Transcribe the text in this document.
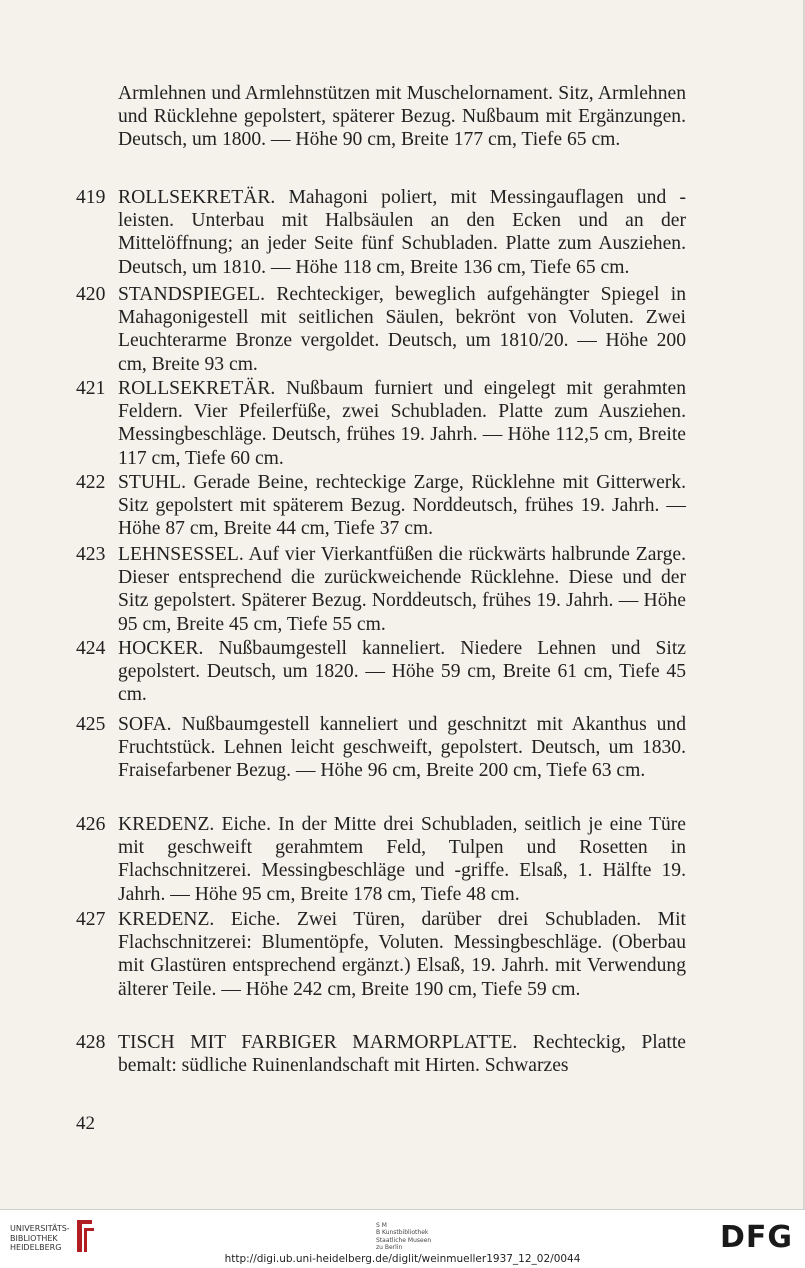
Armlehnen und Armlehnstützen mit Muschelornament. Sitz, Armlehnen und Rücklehne gepolstert, späterer Bezug. Nußbaum mit Ergänzungen. Deutsch, um 1800. — Höhe 90 cm, Breite 177 cm, Tiefe 65 cm.
419 ROLLSEKRETÄR. Mahagoni poliert, mit Messingauflagen und -leisten. Unterbau mit Halbsäulen an den Ecken und an der Mittelöffnung; an jeder Seite fünf Schubladen. Platte zum Ausziehen. Deutsch, um 1810. — Höhe 118 cm, Breite 136 cm, Tiefe 65 cm.
420 STANDSPIEGEL. Rechteckiger, beweglich aufgehängter Spiegel in Mahagonigestell mit seitlichen Säulen, bekrönt von Voluten. Zwei Leuchterarme Bronze vergoldet. Deutsch, um 1810/20. — Höhe 200 cm, Breite 93 cm.
421 ROLLSEKRETÄR. Nußbaum furniert und eingelegt mit gerahmten Feldern. Vier Pfeilerfüße, zwei Schubladen. Platte zum Ausziehen. Messingbeschläge. Deutsch, frühes 19. Jahrh. — Höhe 112,5 cm, Breite 117 cm, Tiefe 60 cm.
422 STUHL. Gerade Beine, rechteckige Zarge, Rücklehne mit Gitterwerk. Sitz gepolstert mit späterem Bezug. Norddeutsch, frühes 19. Jahrh. — Höhe 87 cm, Breite 44 cm, Tiefe 37 cm.
423 LEHNSESSEL. Auf vier Vierkantfüßen die rückwärts halbrunde Zarge. Dieser entsprechend die zurückweichende Rücklehne. Diese und der Sitz gepolstert. Späterer Bezug. Norddeutsch, frühes 19. Jahrh. — Höhe 95 cm, Breite 45 cm, Tiefe 55 cm.
424 HOCKER. Nußbaumgestell kanneliert. Niedere Lehnen und Sitz gepolstert. Deutsch, um 1820. — Höhe 59 cm, Breite 61 cm, Tiefe 45 cm.
425 SOFA. Nußbaumgestell kanneliert und geschnitzt mit Akanthus und Fruchtstück. Lehnen leicht geschweift, gepolstert. Deutsch, um 1830. Fraisefarbener Bezug. — Höhe 96 cm, Breite 200 cm, Tiefe 63 cm.
426 KREDENZ. Eiche. In der Mitte drei Schubladen, seitlich je eine Türe mit geschweift gerahmtem Feld, Tulpen und Rosetten in Flachschnitzerei. Messingbeschläge und -griffe. Elsaß, 1. Hälfte 19. Jahrh. — Höhe 95 cm, Breite 178 cm, Tiefe 48 cm.
427 KREDENZ. Eiche. Zwei Türen, darüber drei Schubladen. Mit Flachschnitzerei: Blumentöpfe, Voluten. Messingbeschläge. (Oberbau mit Glastüren entsprechend ergänzt.) Elsaß, 19. Jahrh. mit Verwendung älterer Teile. — Höhe 242 cm, Breite 190 cm, Tiefe 59 cm.
428 TISCH MIT FARBIGER MARMORPLATTE. Rechteckig, Platte bemalt: südliche Ruinenlandschaft mit Hirten. Schwarzes
42
UNIVERSITÄTS-
BIBLIOTHEK
HEIDELBERG
S M
B Kunstbibliothek
Staatliche Museen
zu Berlin	DFG
http://digi.ub.uni-heidelberg.de/diglit/weinmueller1937_12_02/0044
